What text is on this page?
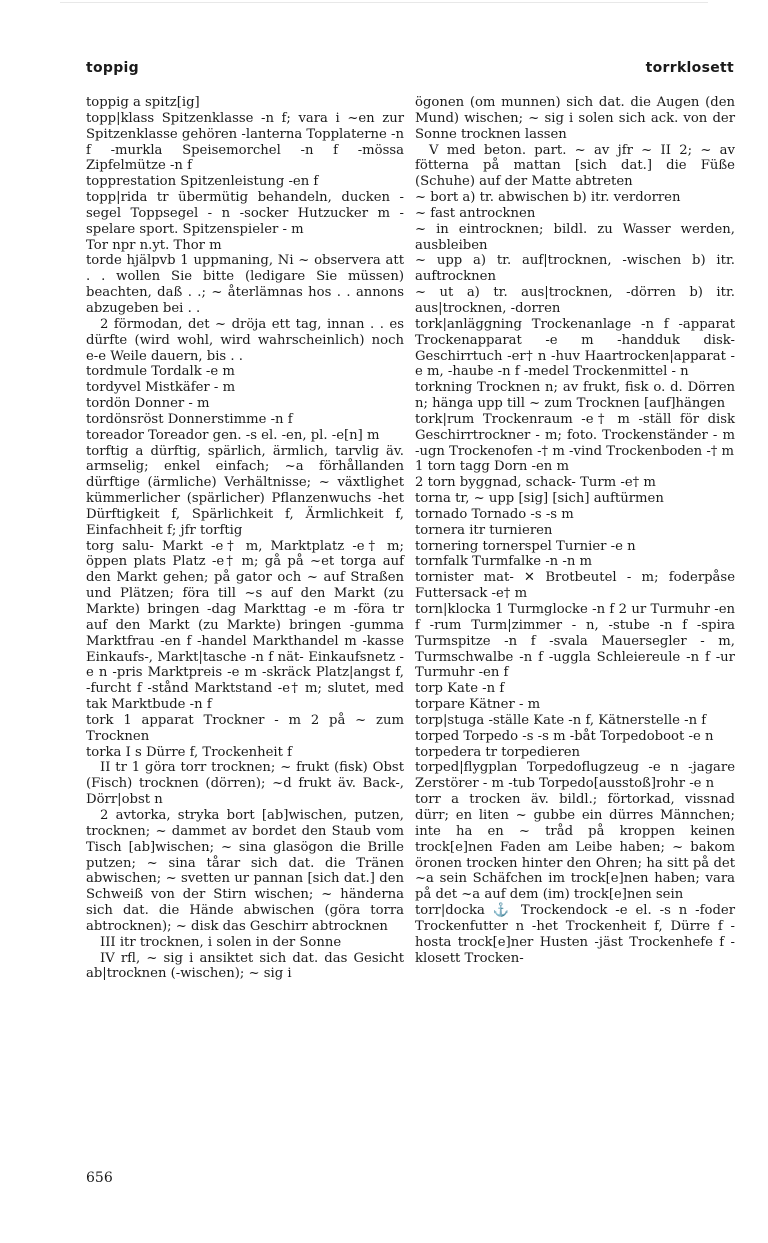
toppig	torrklosett

toppig a spitz[ig]

topp|klass Spitzenklasse -n f; vara i ~en zur Spitzenklasse gehören -lanterna Topplaterne -n f -murkla Speisemorchel -n f -mössa Zipfelmütze -n f

topprestation Spitzenleistung -en f

topp|rida tr übermütig behandeln, ducken -segel Toppsegel - n -socker Hutzucker m -spelare sport. Spitzenspieler - m

Tor npr n.yt. Thor m

torde hjälpvb 1 uppmaning, Ni ~ observera att . . wollen Sie bitte (ledigare Sie müssen) beachten, daß . .; ~ återlämnas hos . . annons abzugeben bei . .

2 förmodan, det ~ dröja ett tag, innan . . es dürfte (wird wohl, wird wahrscheinlich) noch e-e Weile dauern, bis . .

tordmule Tordalk -e m

tordyvel Mistkäfer - m

tordön Donner - m

tordönsröst Donnerstimme -n f

toreador Toreador gen. -s el. -en, pl. -e[n] m

torftig a dürftig, spärlich, ärmlich, tarvlig äv. armselig; enkel einfach; ~a förhållanden dürftige (ärmliche) Verhältnisse; ~ växtlighet kümmerlicher (spärlicher) Pflanzenwuchs -het Dürftigkeit f, Spärlichkeit f, Ärmlichkeit f, Einfachheit f; jfr torftig

torg salu- Markt -e† m, Marktplatz -e† m; öppen plats Platz -e† m; gå på ~et torga auf den Markt gehen; på gator och ~ auf Straßen und Plätzen; föra till ~s auf den Markt (zu Markte) bringen -dag Markttag -e m -föra tr auf den Markt (zu Markte) bringen -gumma Marktfrau -en f -handel Markthandel m -kasse Einkaufs-, Markt|tasche -n f nät- Einkaufsnetz -e n -pris Marktpreis -e m -skräck Platz|angst f, -furcht f -stånd Marktstand -e† m; slutet, med tak Marktbude -n f

tork 1 apparat Trockner - m 2 på ~ zum Trocknen

torka I s Dürre f, Trockenheit f

II tr 1 göra torr trocknen; ~ frukt (fisk) Obst (Fisch) trocknen (dörren); ~d frukt äv. Back-, Dörr|obst n

2 avtorka, stryka bort [ab]wischen, putzen, trocknen; ~ dammet av bordet den Staub vom Tisch [ab]wischen; ~ sina glasögon die Brille putzen; ~ sina tårar sich dat. die Tränen abwischen; ~ svetten ur pannan [sich dat.] den Schweiß von der Stirn wischen; ~ händerna sich dat. die Hände abwischen (göra torra abtrocknen); ~ disk das Geschirr abtrocknen

III itr trocknen, i solen in der Sonne

IV rfl, ~ sig i ansiktet sich dat. das Gesicht ab|trocknen (-wischen); ~ sig i

ögonen (om munnen) sich dat. die Augen (den Mund) wischen; ~ sig i solen sich ack. von der Sonne trocknen lassen

V med beton. part. ~ av jfr ~ II 2; ~ av fötterna på mattan [sich dat.] die Füße (Schuhe) auf der Matte abtreten

~ bort a) tr. abwischen b) itr. verdorren

~ fast antrocknen

~ in eintrocknen; bildl. zu Wasser werden, ausbleiben

~ upp a) tr. auf|trocknen, -wischen b) itr. auftrocknen

~ ut a) tr. aus|trocknen, -dörren b) itr. aus|trocknen, -dorren

tork|anläggning Trockenanlage -n f -apparat Trockenapparat -e m -handduk disk- Geschirrtuch -er† n -huv Haartrocken|apparat -e m, -haube -n f -medel Trockenmittel - n

torkning Trocknen n; av frukt, fisk o. d. Dörren n; hänga upp till ~ zum Trocknen [auf]hängen

tork|rum Trockenraum -e† m -ställ för disk Geschirrtrockner - m; foto. Trockenständer - m -ugn Trockenofen -† m -vind Trockenboden -† m

1 torn tagg Dorn -en m

2 torn byggnad, schack- Turm -e† m

torna tr, ~ upp [sig] [sich] auftürmen

tornado Tornado -s -s m

tornera itr turnieren

tornering tornerspel Turnier -e n

tornfalk Turmfalke -n -n m

tornister mat- ✕ Brotbeutel - m; foderpåse Futtersack -e† m

torn|klocka 1 Turmglocke -n f 2 ur Turmuhr -en f -rum Turm|zimmer - n, -stube -n f -spira Turmspitze -n f -svala Mauersegler - m, Turmschwalbe -n f -uggla Schleiereule -n f -ur Turmuhr -en f

torp Kate -n f

torpare Kätner - m

torp|stuga -ställe Kate -n f, Kätnerstelle -n f

torped Torpedo -s -s m -båt Torpedoboot -e n

torpedera tr torpedieren

torped|flygplan Torpedoflugzeug -e n -jagare Zerstörer - m -tub Torpedo[ausstoß]rohr -e n

torr a trocken äv. bildl.; förtorkad, vissnad dürr; en liten ~ gubbe ein dürres Männchen; inte ha en ~ tråd på kroppen keinen trock[e]nen Faden am Leibe haben; ~ bakom öronen trocken hinter den Ohren; ha sitt på det ~a sein Schäfchen im trock[e]nen haben; vara på det ~a auf dem (im) trock[e]nen sein

torr|docka ⚓ Trockendock -e el. -s n -foder Trockenfutter n -het Trockenheit f, Dürre f -hosta trock[e]ner Husten -jäst Trockenhefe f -klosett Trocken-

656
